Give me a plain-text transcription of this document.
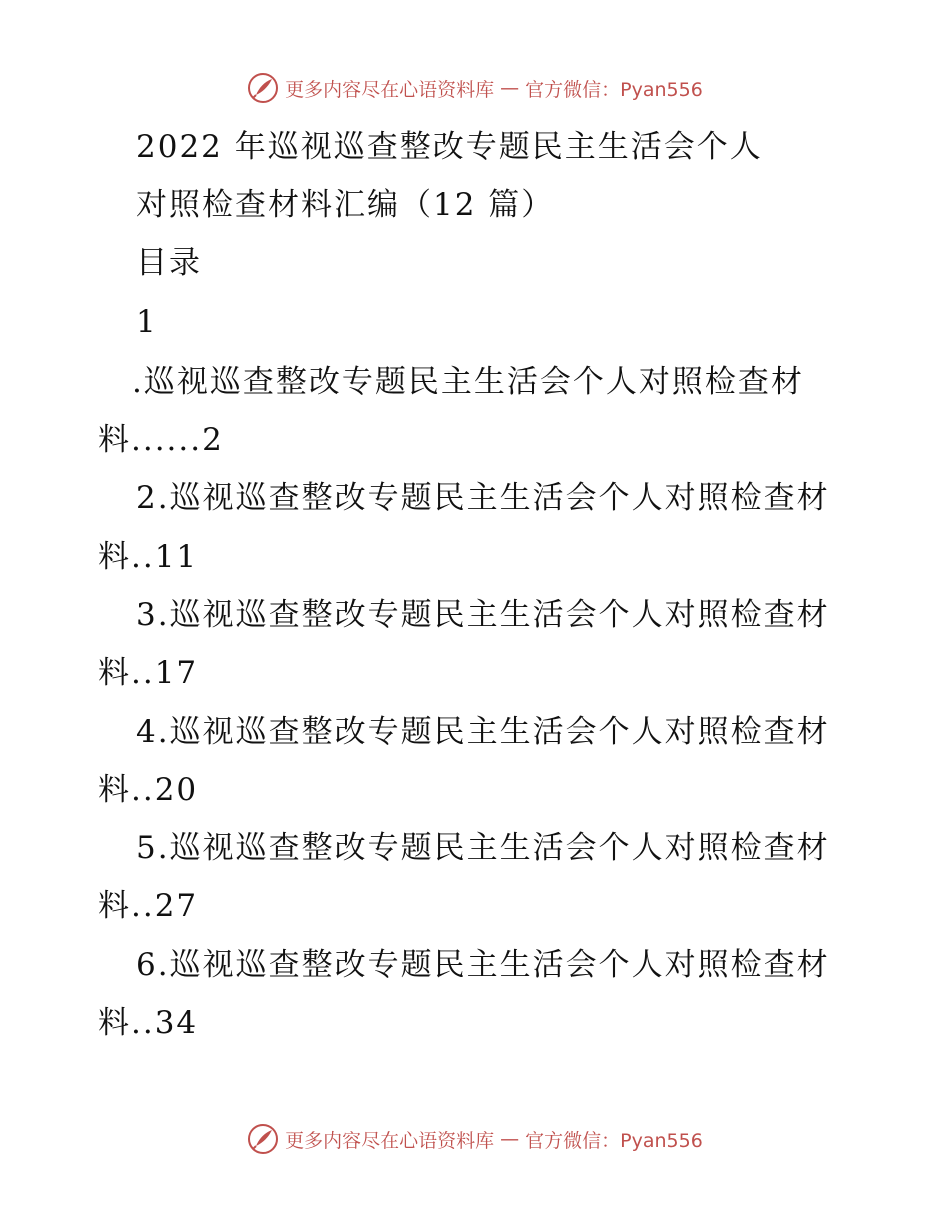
更多内容尽在心语资料库 — 官方微信：Pyan556
2022 年巡视巡查整改专题民主生活会个人
对照检查材料汇编（12 篇）
目录
1
.巡视巡查整改专题民主生活会个人对照检查材
料......2
2.巡视巡查整改专题民主生活会个人对照检查材
料..11
3.巡视巡查整改专题民主生活会个人对照检查材
料..17
4.巡视巡查整改专题民主生活会个人对照检查材
料..20
5.巡视巡查整改专题民主生活会个人对照检查材
料..27
6.巡视巡查整改专题民主生活会个人对照检查材
料..34
更多内容尽在心语资料库 — 官方微信：Pyan556
